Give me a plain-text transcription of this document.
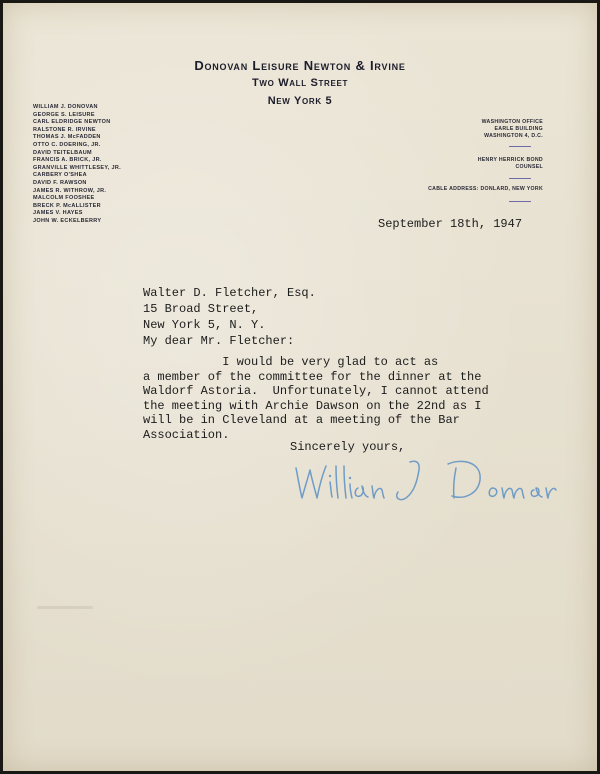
Donovan Leisure Newton & Irvine
Two Wall Street
New York 5
WILLIAM J. DONOVAN
GEORGE S. LEISURE
CARL ELDRIDGE NEWTON
RALSTONE R. IRVINE
THOMAS J. McFADDEN
OTTO C. DOERING, JR.
DAVID TEITELBAUM
FRANCIS A. BRICK, JR.
GRANVILLE WHITTLESEY, JR.
CARBERY O'SHEA
DAVID F. RAWSON
JAMES R. WITHROW, JR.
MALCOLM FOOSHEE
BRECK P. McALLISTER
JAMES V. HAYES
JOHN W. ECKELBERRY
WASHINGTON OFFICE
EARLE BUILDING
WASHINGTON 4, D.C.
HENRY HERRICK BOND
COUNSEL
CABLE ADDRESS: DONLARD, NEW YORK
September 18th, 1947
Walter D. Fletcher, Esq.
15 Broad Street,
New York 5, N. Y.
My dear Mr. Fletcher:
I would be very glad to act as
a member of the committee for the dinner at the
Waldorf Astoria.  Unfortunately, I cannot attend
the meeting with Archie Dawson on the 22nd as I
will be in Cleveland at a meeting of the Bar
Association.
Sincerely yours,
